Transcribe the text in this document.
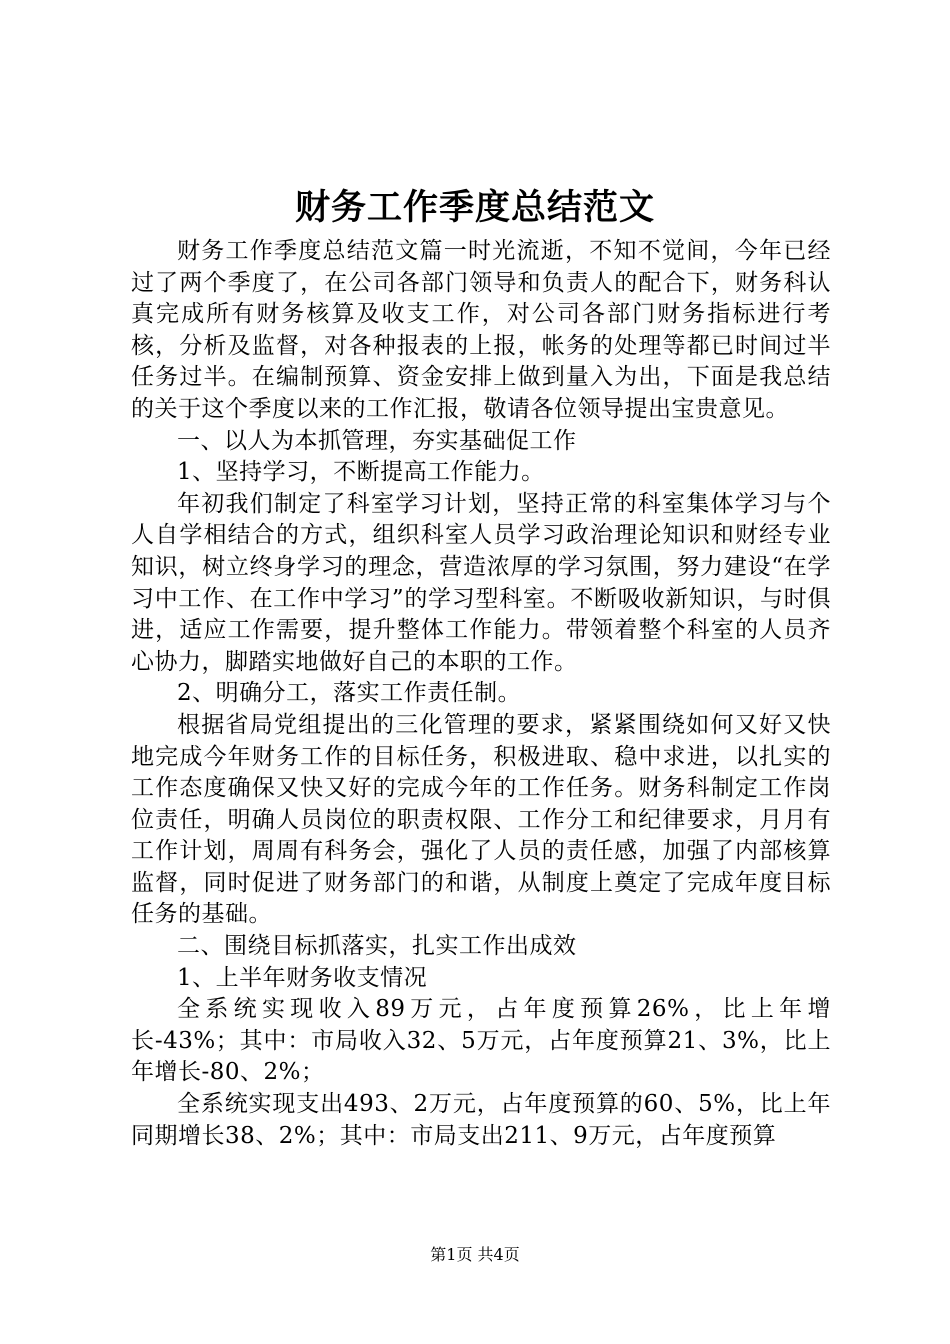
财务工作季度总结范文

财务工作季度总结范文篇一时光流逝，不知不觉间，今年已经过了两个季度了，在公司各部门领导和负责人的配合下，财务科认真完成所有财务核算及收支工作，对公司各部门财务指标进行考核，分析及监督，对各种报表的上报，帐务的处理等都已时间过半任务过半。在编制预算、资金安排上做到量入为出，下面是我总结的关于这个季度以来的工作汇报，敬请各位领导提出宝贵意见。

一、以人为本抓管理，夯实基础促工作

1、坚持学习，不断提高工作能力。

年初我们制定了科室学习计划，坚持正常的科室集体学习与个人自学相结合的方式，组织科室人员学习政治理论知识和财经专业知识，树立终身学习的理念，营造浓厚的学习氛围，努力建设“在学习中工作、在工作中学习”的学习型科室。不断吸收新知识，与时俱进，适应工作需要，提升整体工作能力。带领着整个科室的人员齐心协力，脚踏实地做好自己的本职的工作。

2、明确分工，落实工作责任制。

根据省局党组提出的三化管理的要求，紧紧围绕如何又好又快地完成今年财务工作的目标任务，积极进取、稳中求进，以扎实的工作态度确保又快又好的完成今年的工作任务。财务科制定工作岗位责任，明确人员岗位的职责权限、工作分工和纪律要求，月月有工作计划，周周有科务会，强化了人员的责任感，加强了内部核算监督，同时促进了财务部门的和谐，从制度上奠定了完成年度目标任务的基础。

二、围绕目标抓落实，扎实工作出成效

1、上半年财务收支情况

全系统实现收入89万元，占年度预算26%，比上年增长-43%；其中：市局收入32、5万元，占年度预算21、3%，比上年增长-80、2%；

全系统实现支出493、2万元，占年度预算的60、5%，比上年同期增长38、2%；其中：市局支出211、9万元，占年度预算

第1页 共4页
